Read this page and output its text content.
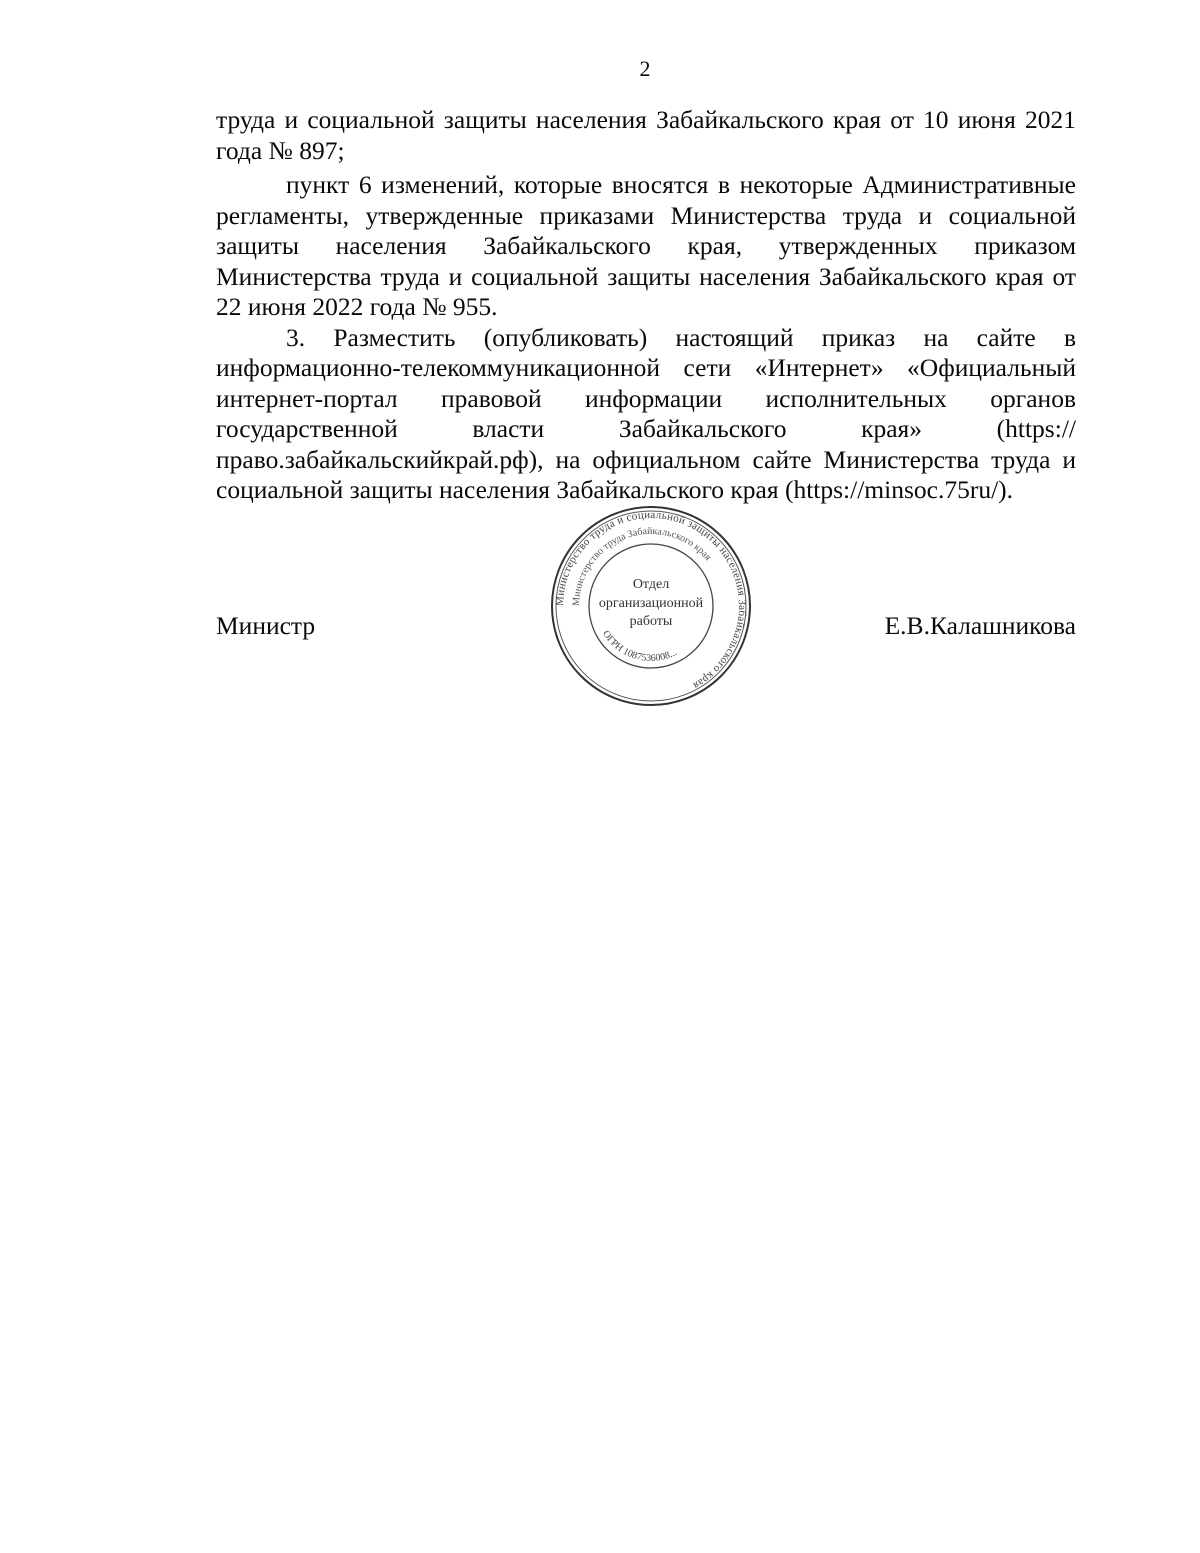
2

труда и социальной защиты населения Забайкальского края от 10 июня 2021 года № 897;

пункт 6 изменений, которые вносятся в некоторые Административные регламенты, утвержденные приказами Министерства труда и социальной защиты населения Забайкальского края, утвержденных приказом Министерства труда и социальной защиты населения Забайкальского края от 22 июня 2022 года № 955.

3. Разместить (опубликовать) настоящий приказ на сайте в информационно-телекоммуникационной сети «Интернет» «Официальный интернет-портал правовой информации исполнительных органов государственной власти Забайкальского края» (https://право.забайкальскийкрай.рф), на официальном сайте Министерства труда и социальной защиты населения Забайкальского края (https://minsoc.75ru/).

Министерство труда и социальной защиты населения Забайкальского края
Министерство труда Забайкальского края
Отдел
организационной
работы
ОГРН 1087536008...
Министр	Е.В.Калашникова
